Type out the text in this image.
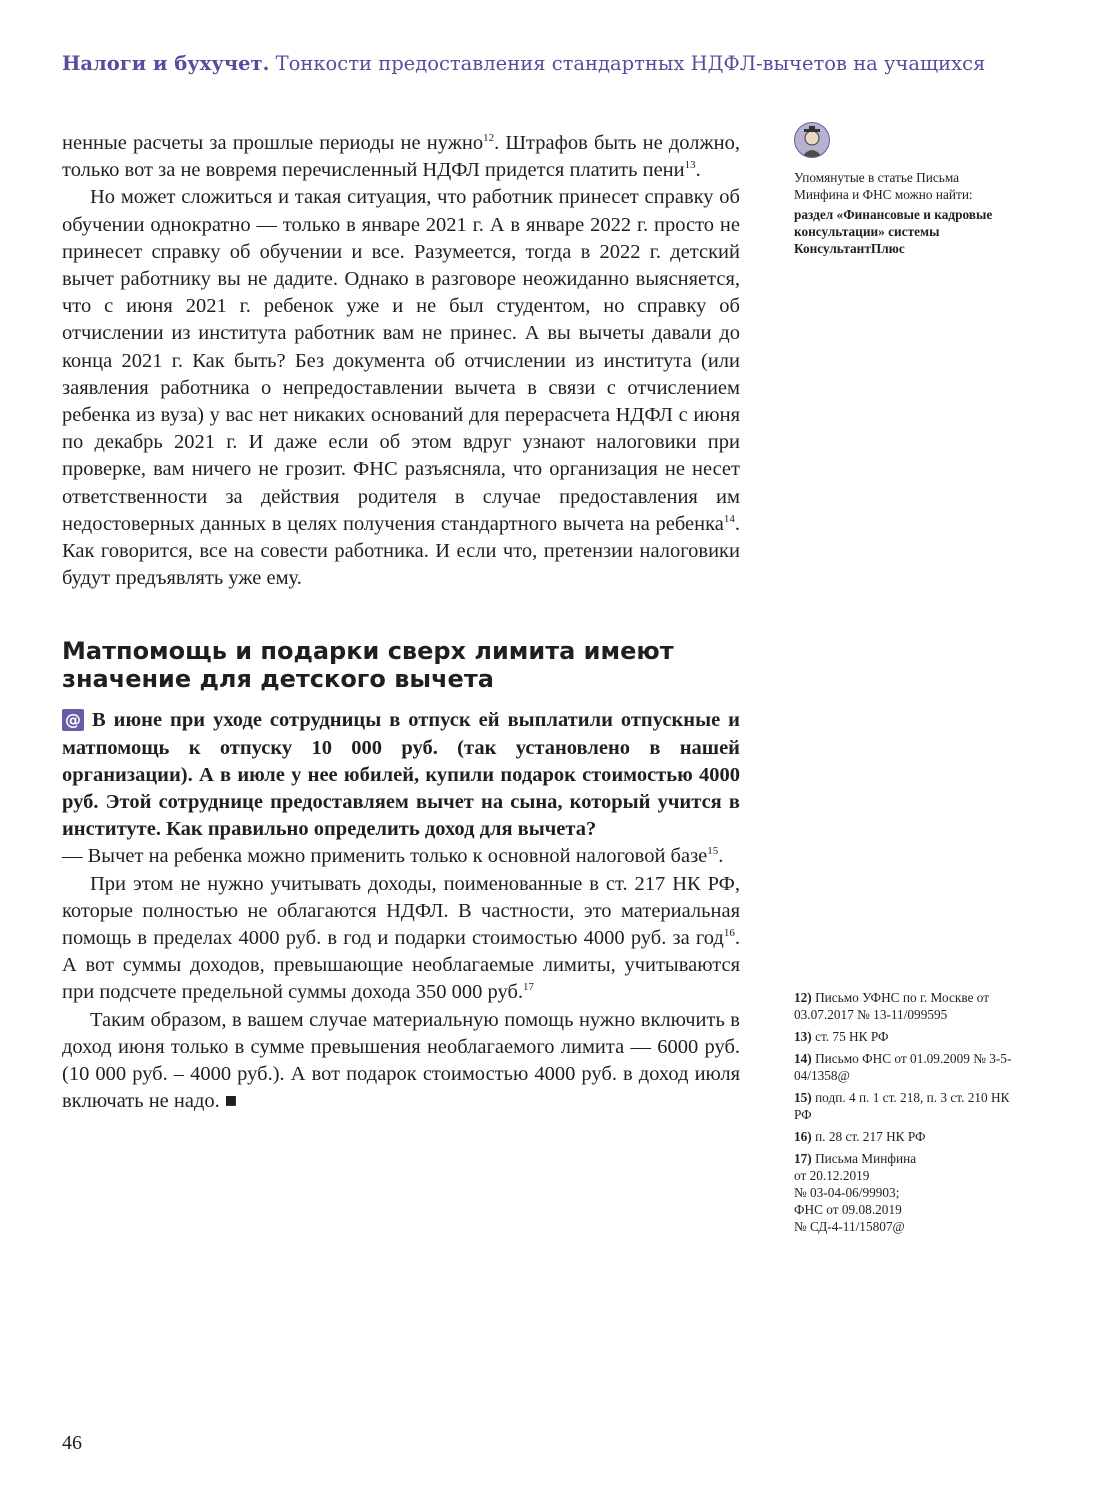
Налоги и бухучет. Тонкости предоставления стандартных НДФЛ-вычетов на учащихся

ненные расчеты за прошлые периоды не нужно$^{12}$. Штрафов быть не должно, только вот за не вовремя перечисленный НДФЛ придется платить пени$^{13}$.

Но может сложиться и такая ситуация, что работник принесет справку об обучении однократно — только в январе 2021 г. А в январе 2022 г. просто не принесет справку об обучении и все. Разумеется, тогда в 2022 г. детский вычет работнику вы не дадите. Однако в разговоре неожиданно выясняется, что с июня 2021 г. ребенок уже и не был студентом, но справку об отчислении из института работник вам не принес. А вы вычеты давали до конца 2021 г. Как быть? Без документа об отчислении из института (или заявления работника о непредоставлении вычета в связи с отчислением ребенка из вуза) у вас нет никаких оснований для перерасчета НДФЛ с июня по декабрь 2021 г. И даже если об этом вдруг узнают налоговики при проверке, вам ничего не грозит. ФНС разъясняла, что организация не несет ответственности за действия родителя в случае предоставления им недостоверных данных в целях получения стандартного вычета на ребенка$^{14}$. Как говорится, все на совести работника. И если что, претензии налоговики будут предъявлять уже ему.

Матпомощь и подарки сверх лимита имеют значение для детского вычета

@ В июне при уходе сотрудницы в отпуск ей выплатили отпускные и матпомощь к отпуску 10 000 руб. (так установлено в нашей организации). А в июле у нее юбилей, купили подарок стоимостью 4000 руб. Этой сотруднице предоставляем вычет на сына, который учится в институте. Как правильно определить доход для вычета?

— Вычет на ребенка можно применить только к основной налоговой базе$^{15}$.

При этом не нужно учитывать доходы, поименованные в ст. 217 НК РФ, которые полностью не облагаются НДФЛ. В частности, это материальная помощь в пределах 4000 руб. в год и подарки стоимостью 4000 руб. за год$^{16}$. А вот суммы доходов, превышающие необлагаемые лимиты, учитываются при подсчете предельной суммы дохода 350 000 руб.$^{17}$

Таким образом, в вашем случае материальную помощь нужно включить в доход июня только в сумме превышения необлагаемого лимита — 6000 руб. (10 000 руб. – 4000 руб.). А вот подарок стоимостью 4000 руб. в доход июля включать не надо. ■

Упомянутые в статье Письма Минфина и ФНС можно найти:

раздел «Финансовые и кадровые консультации» системы КонсультантПлюс

12) Письмо УФНС по г. Москве от 03.07.2017 № 13-11/099595

13) ст. 75 НК РФ

14) Письмо ФНС от 01.09.2009 № 3-5-04/1358@

15) подп. 4 п. 1 ст. 218, п. 3 ст. 210 НК РФ

16) п. 28 ст. 217 НК РФ

17) Письма Минфина
от 20.12.2019
№ 03-04-06/99903;
ФНС от 09.08.2019
№ СД-4-11/15807@

46
